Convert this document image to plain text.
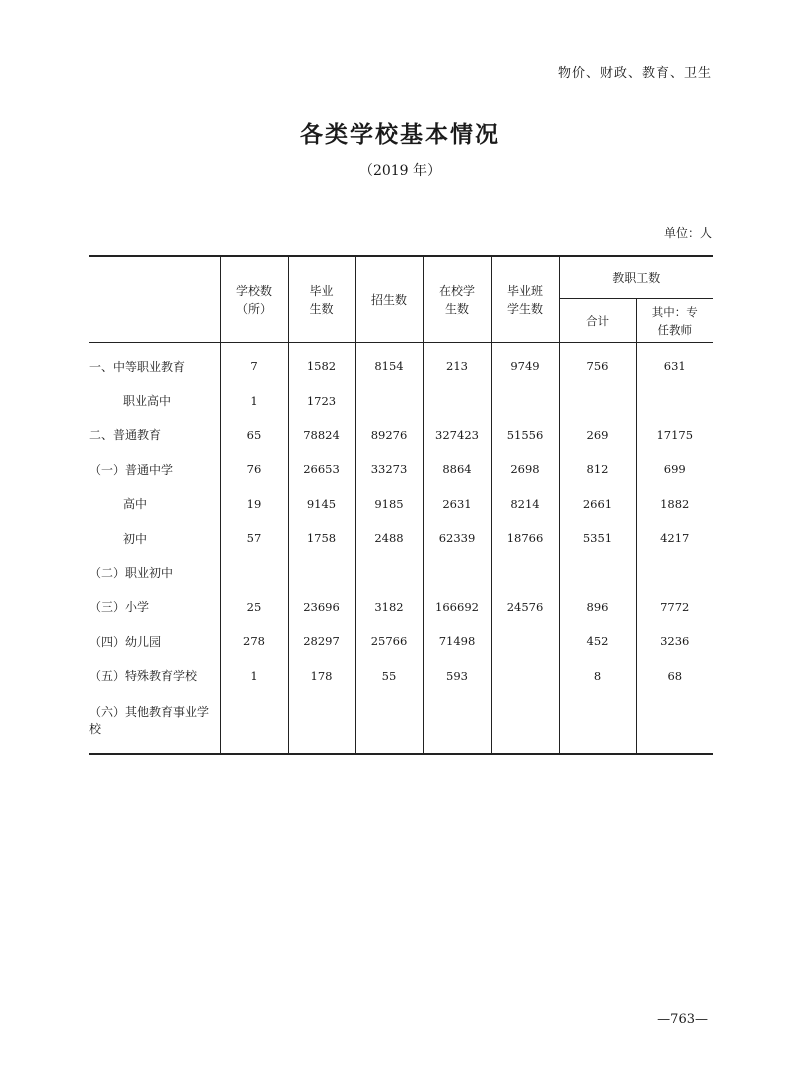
物价、财政、教育、卫生
各类学校基本情况
（2019 年）
单位：人
	学校数（所）	毕业生数	招生数	在校学生数	毕业班学生数	教职工数	
						合计	其中：专任教师
一、中等职业教育	7	1582	8154	213	9749	756	631
职业高中	1	1723					
二、普通教育	65	78824	89276	327423	51556	269	17175
（一）普通中学	76	26653	33273	8864	2698	812	699
高中	19	9145	9185	2631	8214	2661	1882
初中	57	1758	2488	62339	18766	5351	4217
（二）职业初中							
（三）小学	25	23696	3182	166692	24576	896	7772
（四）幼儿园	278	28297	25766	71498		452	3236
（五）特殊教育学校	1	178	55	593		8	68
（六）其他教育事业学校							
—763—
